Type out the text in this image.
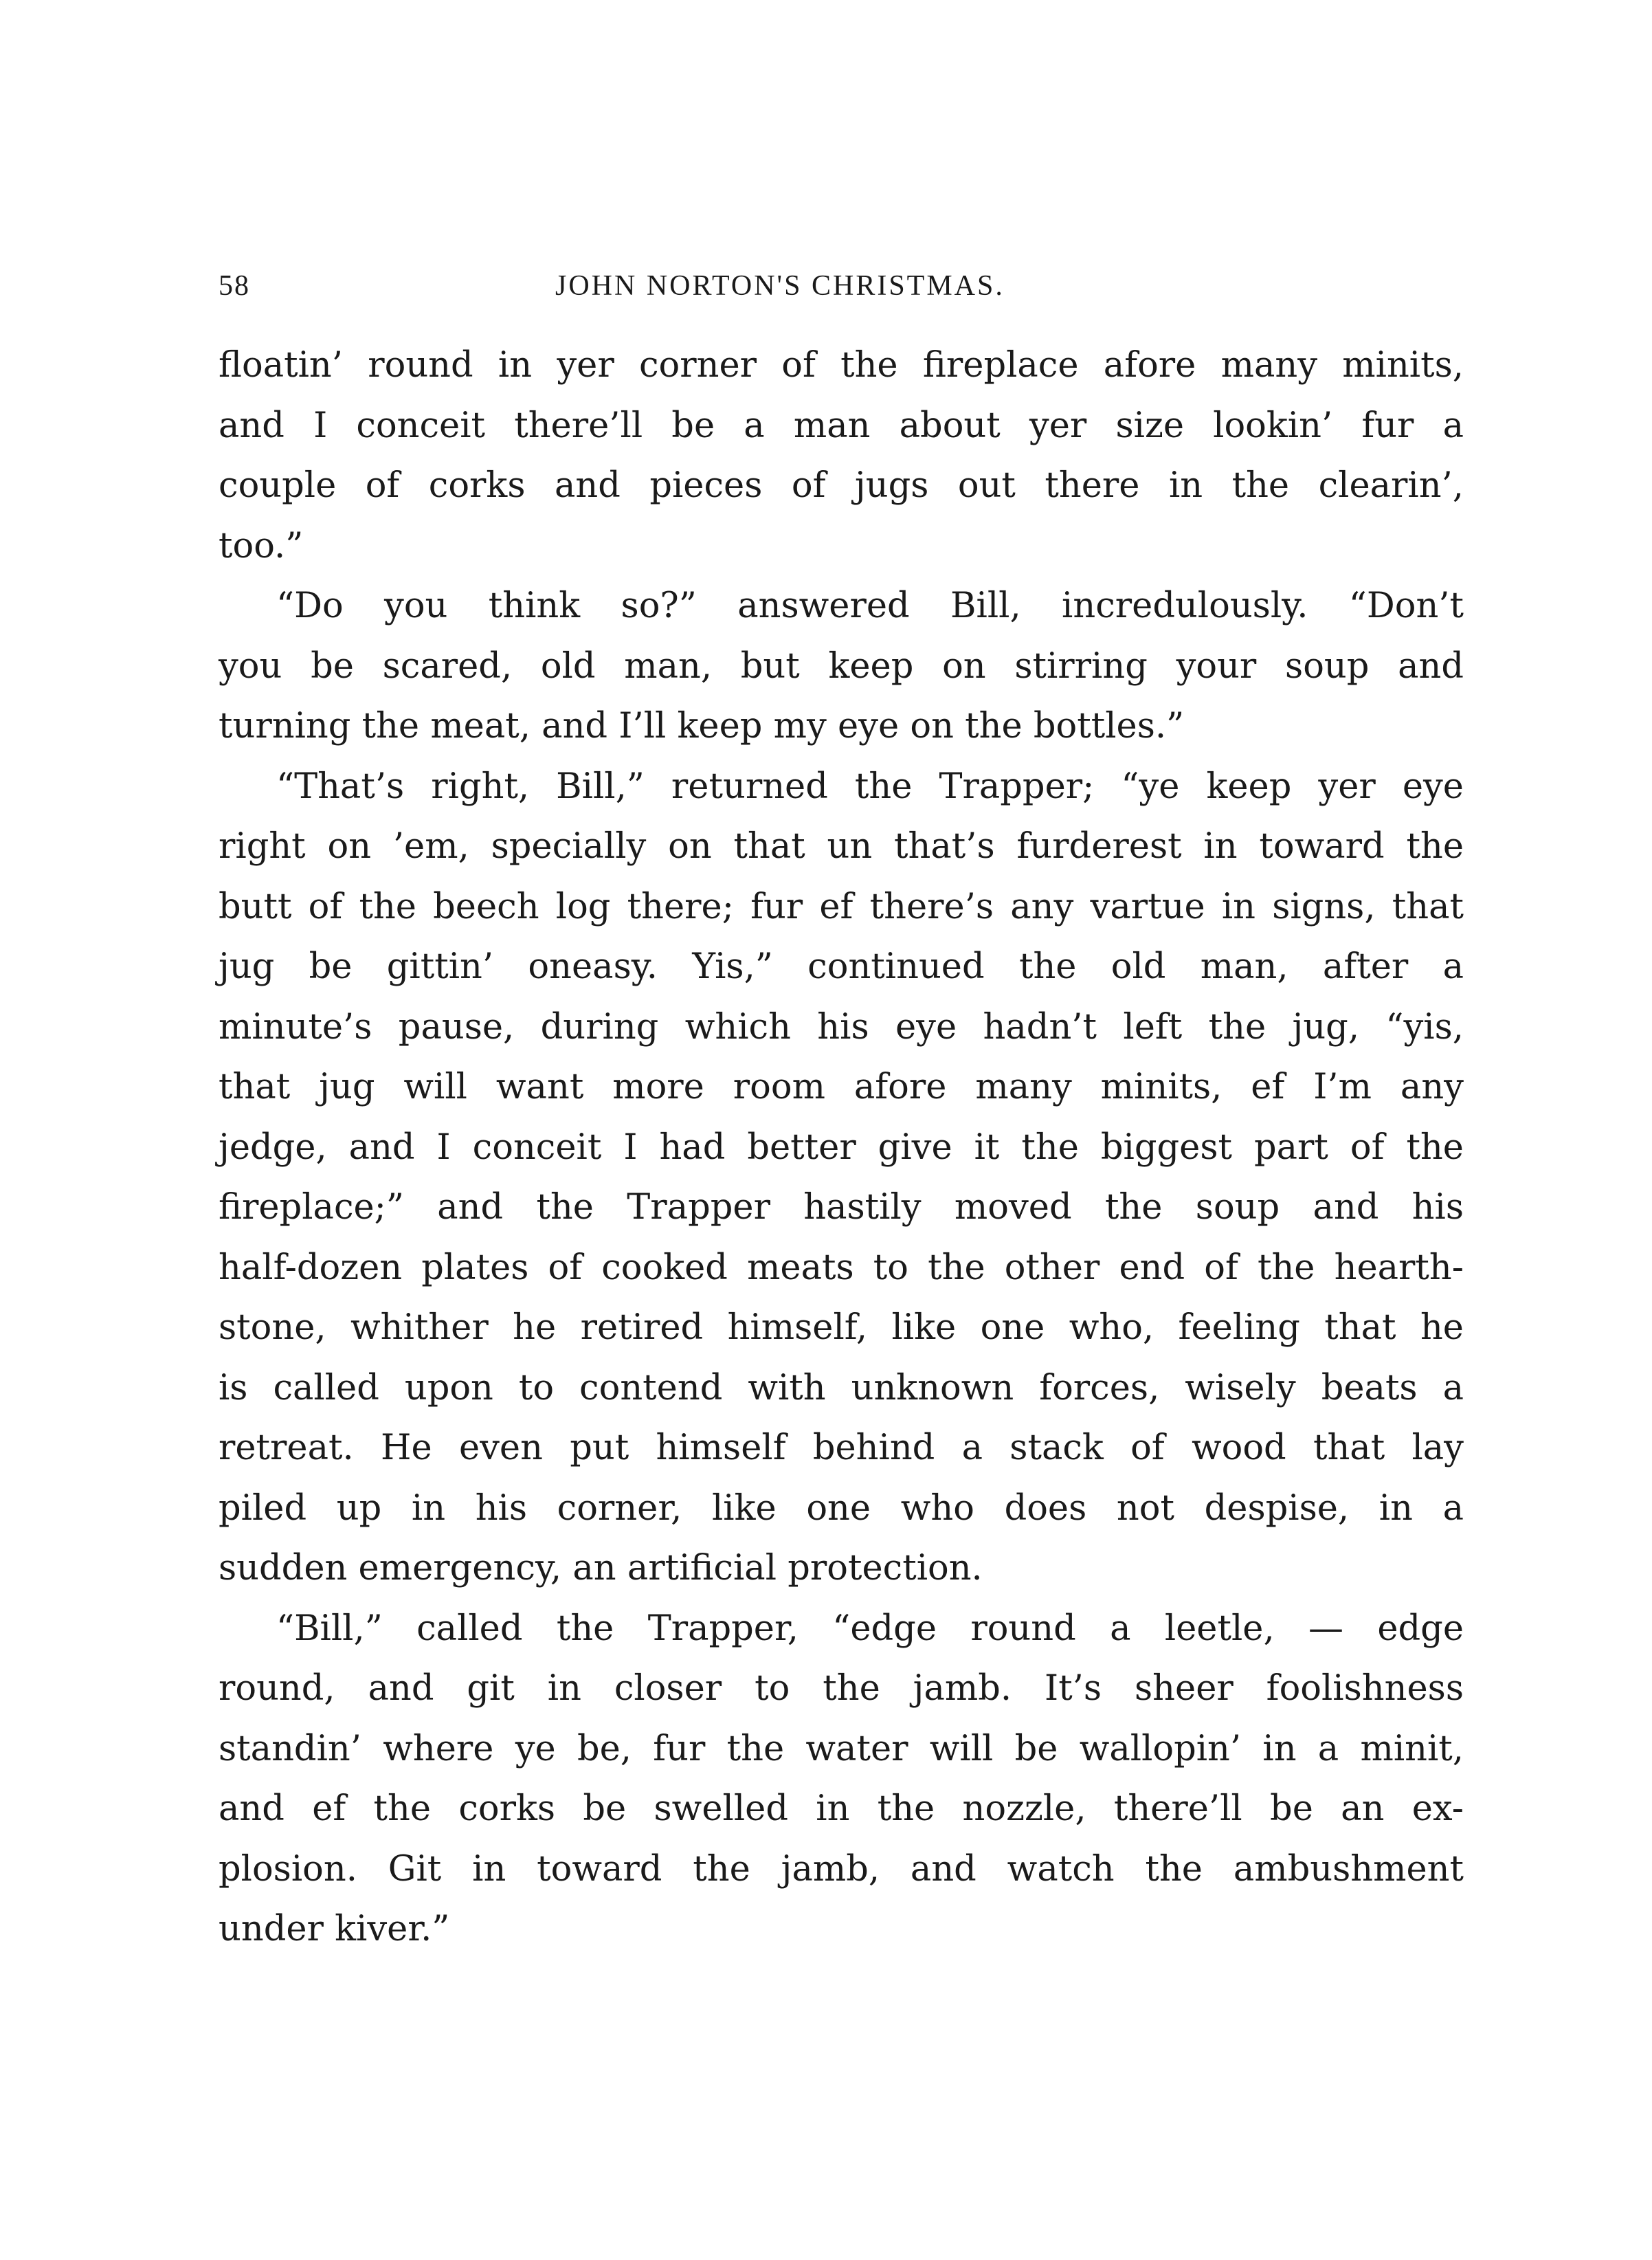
58	JOHN NORTON'S CHRISTMAS.
floatin’ round in yer corner of the fireplace afore many minits,
and I conceit there’ll be a man about yer size lookin’ fur a
couple of corks and pieces of jugs out there in the clearin’,
too.”
“Do you think so?” answered Bill, incredulously. “Don’t
you be scared, old man, but keep on stirring your soup and
turning the meat, and I’ll keep my eye on the bottles.”
“That’s right, Bill,” returned the Trapper; “ye keep yer eye
right on ’em, specially on that un that’s furderest in toward the
butt of the beech log there; fur ef there’s any vartue in signs, that
jug be gittin’ oneasy. Yis,” continued the old man, after a
minute’s pause, during which his eye hadn’t left the jug, “yis,
that jug will want more room afore many minits, ef I’m any
jedge, and I conceit I had better give it the biggest part of the
fireplace;” and the Trapper hastily moved the soup and his
half-dozen plates of cooked meats to the other end of the hearth-
stone, whither he retired himself, like one who, feeling that he
is called upon to contend with unknown forces, wisely beats a
retreat. He even put himself behind a stack of wood that lay
piled up in his corner, like one who does not despise, in a
sudden emergency, an artificial protection.
“Bill,” called the Trapper, “edge round a leetle, — edge
round, and git in closer to the jamb. It’s sheer foolishness
standin’ where ye be, fur the water will be wallopin’ in a minit,
and ef the corks be swelled in the nozzle, there’ll be an ex-
plosion. Git in toward the jamb, and watch the ambushment
under kiver.”
